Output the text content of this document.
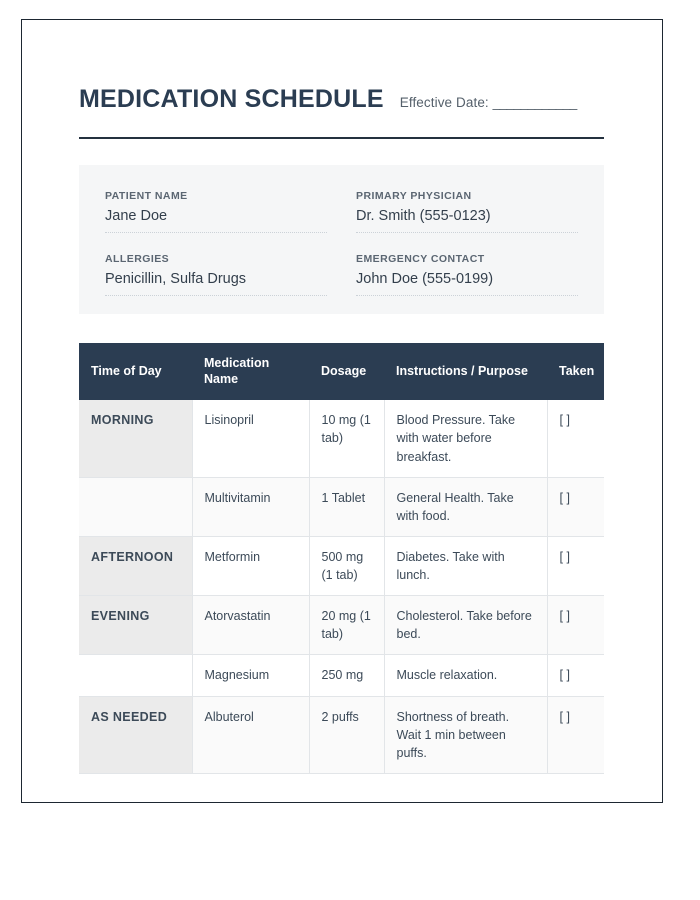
MEDICATION SCHEDULE Effective Date: ____________
PATIENT NAME
Jane Doe
PRIMARY PHYSICIAN
Dr. Smith (555-0123)
ALLERGIES
Penicillin, Sulfa Drugs
EMERGENCY CONTACT
John Doe (555-0199)
Time of Day	Medication Name	Dosage	Instructions / Purpose	Taken
MORNING	Lisinopril	10 mg (1 tab)	Blood Pressure. Take with water before breakfast.	[ ]
	Multivitamin	1 Tablet	General Health. Take with food.	[ ]
AFTERNOON	Metformin	500 mg (1 tab)	Diabetes. Take with lunch.	[ ]
EVENING	Atorvastatin	20 mg (1 tab)	Cholesterol. Take before bed.	[ ]
	Magnesium	250 mg	Muscle relaxation.	[ ]
AS NEEDED	Albuterol	2 puffs	Shortness of breath. Wait 1 min between puffs.	[ ]
